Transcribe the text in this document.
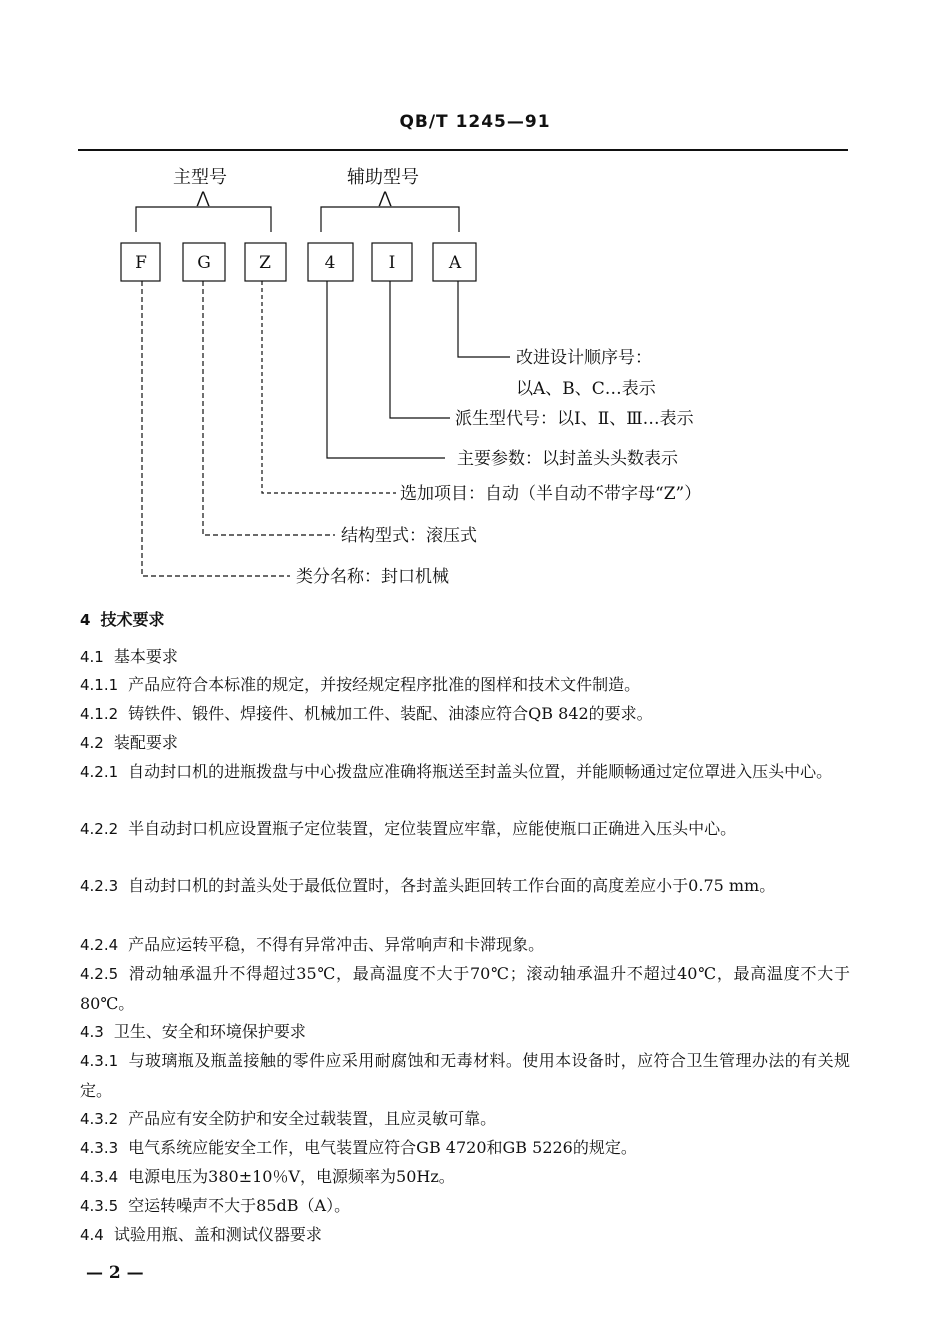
QB/T 1245—91
主型号	辅助型号
⋀	⋀
F	G	Z	4	I	A
改进设计顺序号：
以A、B、C…表示
派生型代号：以Ⅰ、Ⅱ、Ⅲ…表示
主要参数：以封盖头头数表示
选加项目：自动（半自动不带字母“Z”）
结构型式：滚压式
类分名称：封口机械
4 技术要求
4.1 基本要求
4.1.1 产品应符合本标准的规定，并按经规定程序批准的图样和技术文件制造。
4.1.2 铸铁件、锻件、焊接件、机械加工件、装配、油漆应符合QB 842的要求。
4.2 装配要求
4.2.1 自动封口机的进瓶拨盘与中心拨盘应准确将瓶送至封盖头位置，并能顺畅通过定位罩进入压头中心。
4.2.2 半自动封口机应设置瓶子定位装置，定位装置应牢靠，应能使瓶口正确进入压头中心。
4.2.3 自动封口机的封盖头处于最低位置时，各封盖头距回转工作台面的高度差应小于0.75 mm。
4.2.4 产品应运转平稳，不得有异常冲击、异常响声和卡滞现象。
4.2.5 滑动轴承温升不得超过35℃，最高温度不大于70℃；滚动轴承温升不超过40℃，最高温度不大于80℃。
4.3 卫生、安全和环境保护要求
4.3.1 与玻璃瓶及瓶盖接触的零件应采用耐腐蚀和无毒材料。使用本设备时，应符合卫生管理办法的有关规定。
4.3.2 产品应有安全防护和安全过载装置，且应灵敏可靠。
4.3.3 电气系统应能安全工作，电气装置应符合GB 4720和GB 5226的规定。
4.3.4 电源电压为380±10％V，电源频率为50Hz。
4.3.5 空运转噪声不大于85dB（A）。
4.4 试验用瓶、盖和测试仪器要求
— 2 —
